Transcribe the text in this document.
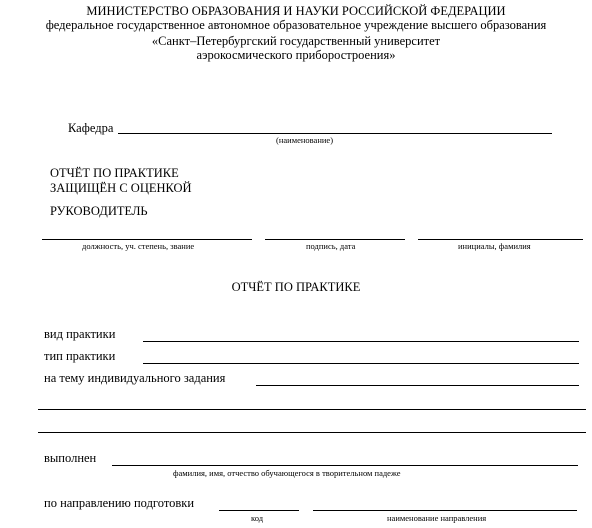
МИНИСТЕРСТВО ОБРАЗОВАНИЯ И НАУКИ РОССИЙСКОЙ ФЕДЕРАЦИИ
федеральное государственное автономное образовательное учреждение высшего образования
«Санкт–Петербургский государственный университет
аэрокосмического приборостроения»
Кафедра
(наименование)
ОТЧЁТ ПО ПРАКТИКЕ
ЗАЩИЩЁН С ОЦЕНКОЙ
РУКОВОДИТЕЛЬ
должность, уч. степень, звание	подпись, дата	инициалы, фамилия
ОТЧЁТ ПО ПРАКТИКЕ
вид практики
тип практики
на тему индивидуального задания
выполнен
фамилия, имя, отчество обучающегося в творительном падеже
по направлению подготовки
код	наименование направления
